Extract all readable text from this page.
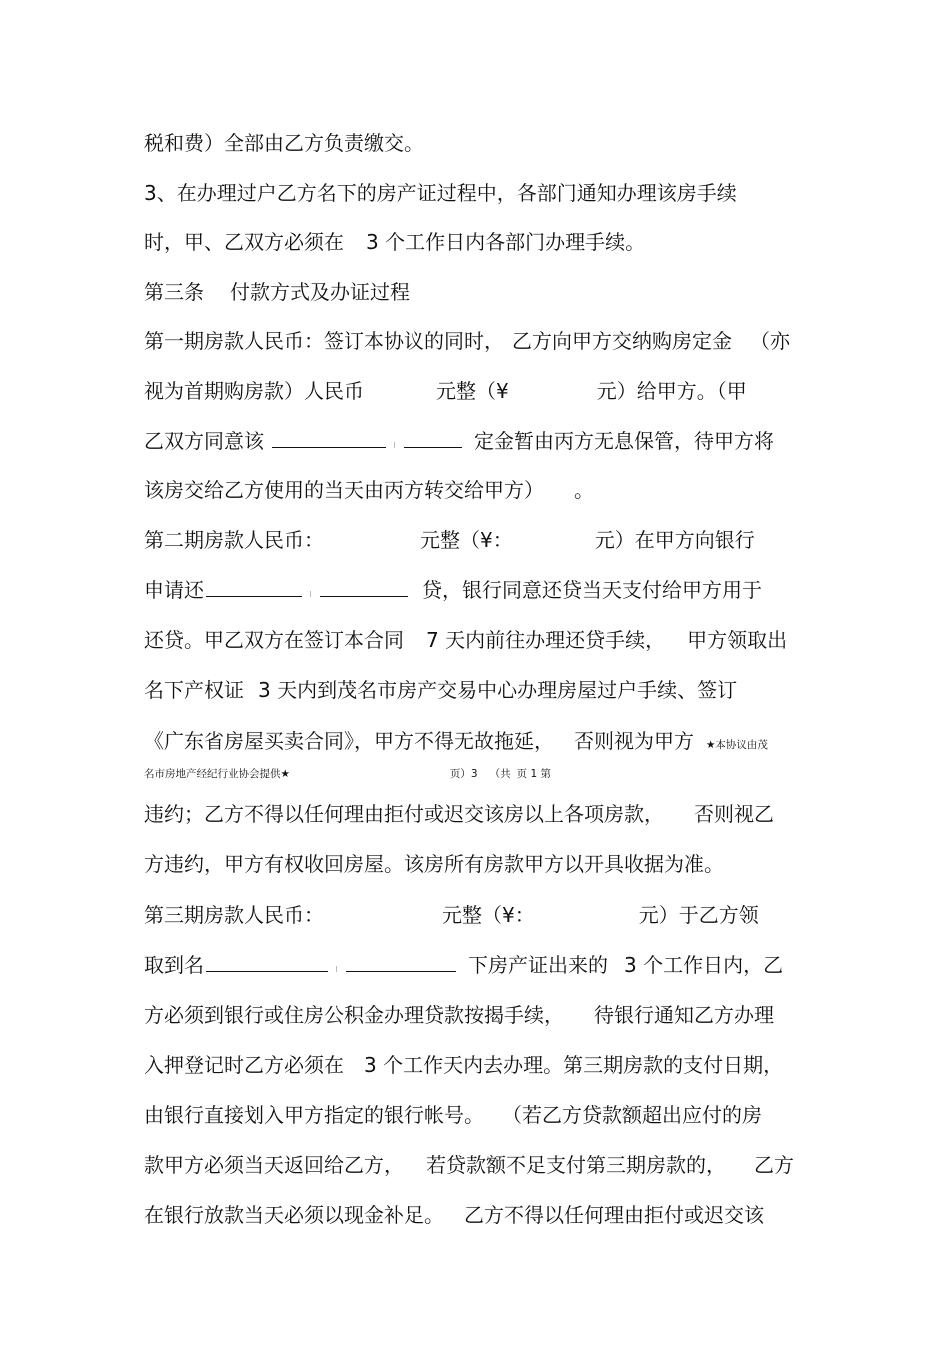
税和费）全部由乙方负责缴交。
3、在办理过户乙方名下的房产证过程中，各部门通知办理该房手续
时，甲、乙双方必须在 3 个工作日内各部门办理手续。
第三条 付款方式及办证过程
第一期房款人民币：签订本协议的同时， 乙方向甲方交纳购房定金 （亦
视为首期购房款）人民币	元整（¥	元）给甲方。（甲
乙双方同意该	定金暂由丙方无息保管，待甲方将
该房交给乙方使用的当天由丙方转交给甲方） 。
第二期房款人民币：	元整（¥：	元）在甲方向银行
申请还	贷，银行同意还贷当天支付给甲方用于
还贷。甲乙双方在签订本合同 7 天内前往办理还贷手续， 甲方领取出
名下产权证 3 天内到茂名市房产交易中心办理房屋过户手续、签订
《广东省房屋买卖合同》，甲方不得无故拖延， 否则视为甲方 ★本协议由茂
名市房地产经纪行业协会提供★	页）3 （共 页 1 第
违约；乙方不得以任何理由拒付或迟交该房以上各项房款， 否则视乙
方违约，甲方有权收回房屋。该房所有房款甲方以开具收据为准。
第三期房款人民币：	元整（¥：	元）于乙方领
取到名	下房产证出来的 3 个工作日内，乙
方必须到银行或住房公积金办理贷款按揭手续， 待银行通知乙方办理
入押登记时乙方必须在 3 个工作天内去办理。第三期房款的支付日期，
由银行直接划入甲方指定的银行帐号。 （若乙方贷款额超出应付的房
款甲方必须当天返回给乙方， 若贷款额不足支付第三期房款的， 乙方
在银行放款当天必须以现金补足。 乙方不得以任何理由拒付或迟交该
